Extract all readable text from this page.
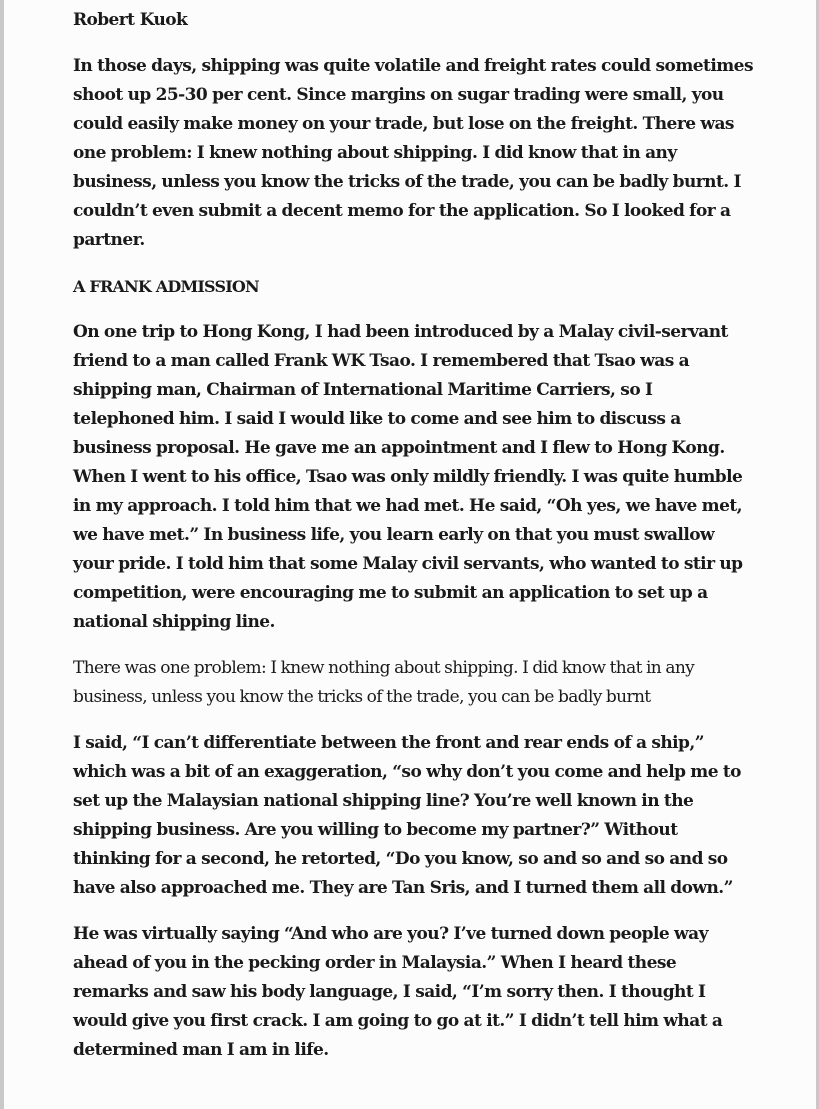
Robert Kuok

In those days, shipping was quite volatile and freight rates could sometimes shoot up 25-30 per cent. Since margins on sugar trading were small, you could easily make money on your trade, but lose on the freight. There was one problem: I knew nothing about shipping. I did know that in any business, unless you know the tricks of the trade, you can be badly burnt. I couldn’t even submit a decent memo for the application. So I looked for a partner.

A FRANK ADMISSION

On one trip to Hong Kong, I had been introduced by a Malay civil-servant friend to a man called Frank WK Tsao. I remembered that Tsao was a shipping man, Chairman of International Maritime Carriers, so I telephoned him. I said I would like to come and see him to discuss a business proposal. He gave me an appointment and I flew to Hong Kong. When I went to his office, Tsao was only mildly friendly. I was quite humble in my approach. I told him that we had met. He said, “Oh yes, we have met, we have met.” In business life, you learn early on that you must swallow your pride. I told him that some Malay civil servants, who wanted to stir up competition, were encouraging me to submit an application to set up a national shipping line.

There was one problem: I knew nothing about shipping. I did know that in any business, unless you know the tricks of the trade, you can be badly burnt

I said, “I can’t differentiate between the front and rear ends of a ship,” which was a bit of an exaggeration, “so why don’t you come and help me to set up the Malaysian national shipping line? You’re well known in the shipping business. Are you willing to become my partner?” Without thinking for a second, he retorted, “Do you know, so and so and so and so have also approached me. They are Tan Sris, and I turned them all down.”

He was virtually saying “And who are you? I’ve turned down people way ahead of you in the pecking order in Malaysia.” When I heard these remarks and saw his body language, I said, “I’m sorry then. I thought I would give you first crack. I am going to go at it.” I didn’t tell him what a determined man I am in life.
